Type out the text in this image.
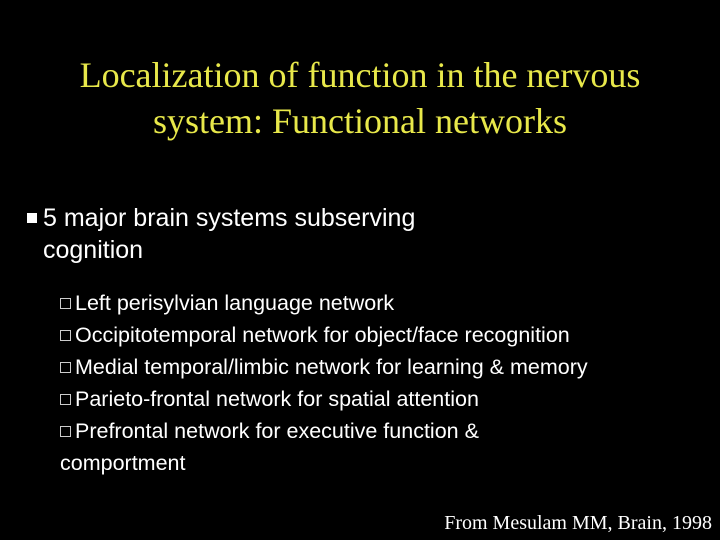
Localization of function in the nervous
system: Functional networks
5 major brain systems subserving
cognition
Left perisylvian language network
Occipitotemporal network for object/face recognition
Medial temporal/limbic network for learning & memory
Parieto-frontal network for spatial attention
Prefrontal network for executive function & comportment
From Mesulam MM, Brain, 1998
